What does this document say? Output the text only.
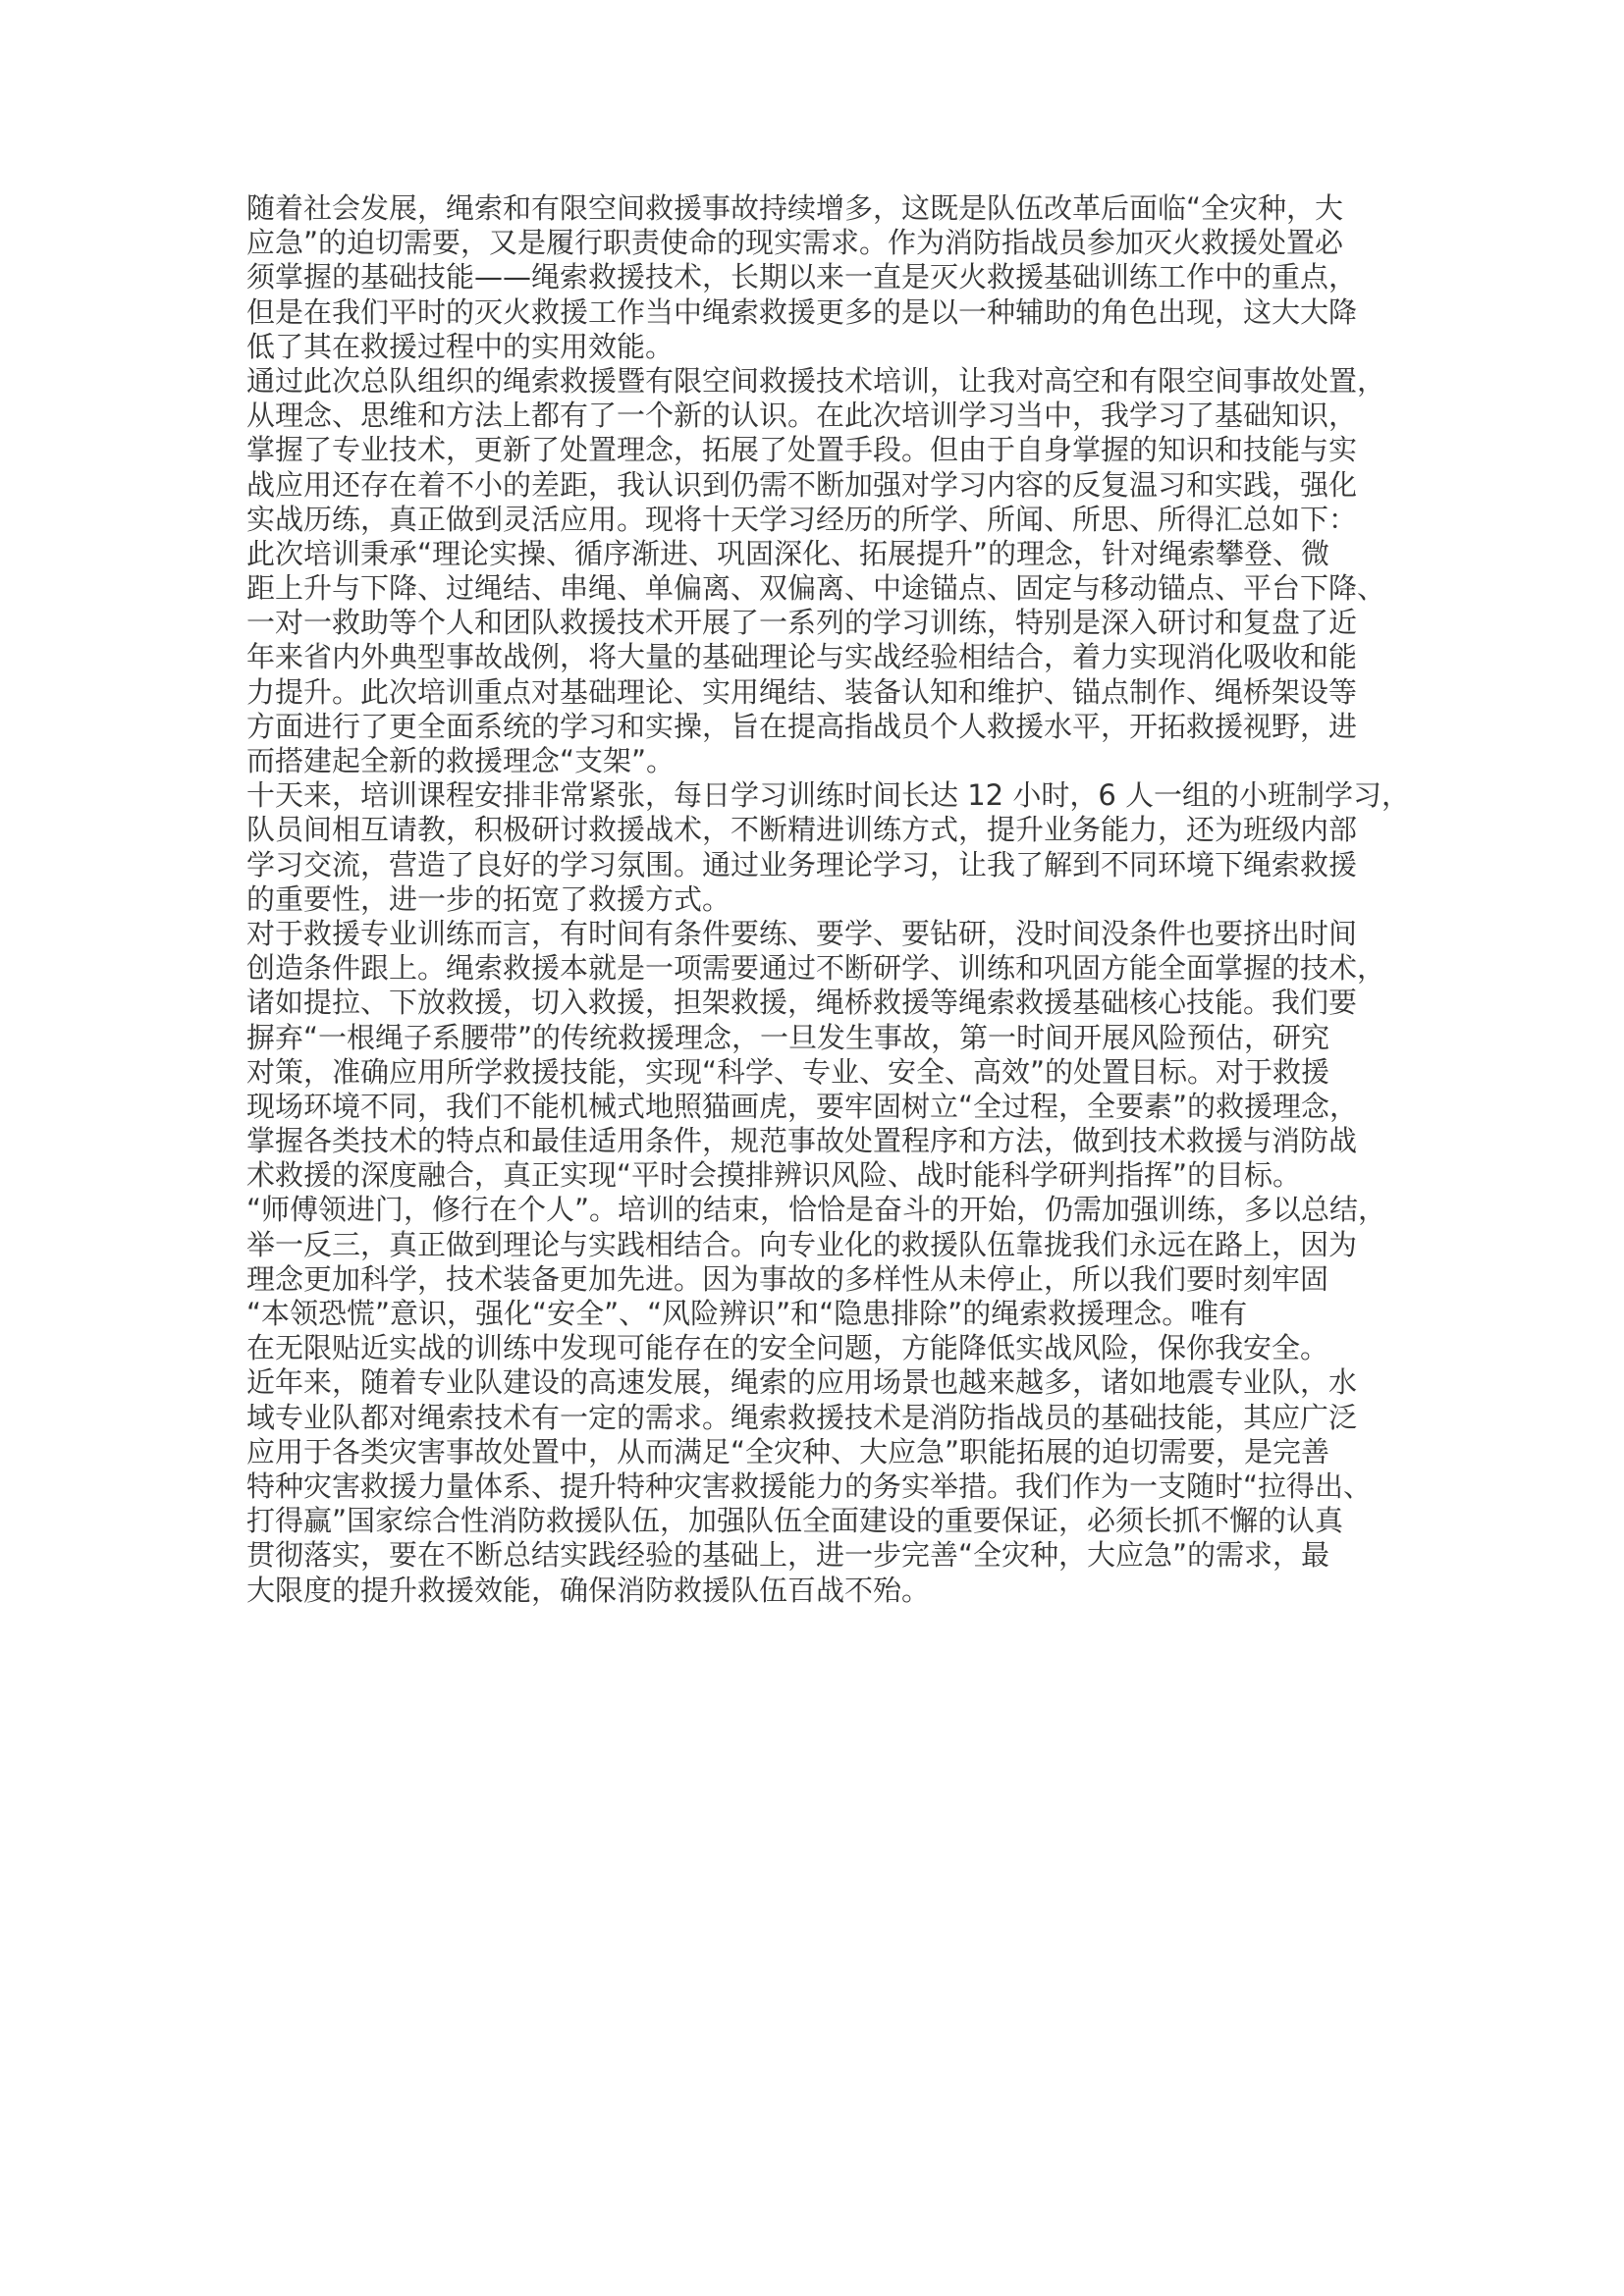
随着社会发展，绳索和有限空间救援事故持续增多，这既是队伍改革后面临“全灾种，大
应急”的迫切需要，又是履行职责使命的现实需求。作为消防指战员参加灭火救援处置必
须掌握的基础技能——绳索救援技术，长期以来一直是灭火救援基础训练工作中的重点，
但是在我们平时的灭火救援工作当中绳索救援更多的是以一种辅助的角色出现，这大大降
低了其在救援过程中的实用效能。
通过此次总队组织的绳索救援暨有限空间救援技术培训，让我对高空和有限空间事故处置，
从理念、思维和方法上都有了一个新的认识。在此次培训学习当中，我学习了基础知识，
掌握了专业技术，更新了处置理念，拓展了处置手段。但由于自身掌握的知识和技能与实
战应用还存在着不小的差距，我认识到仍需不断加强对学习内容的反复温习和实践，强化
实战历练，真正做到灵活应用。现将十天学习经历的所学、所闻、所思、所得汇总如下：
此次培训秉承“理论实操、循序渐进、巩固深化、拓展提升”的理念，针对绳索攀登、微
距上升与下降、过绳结、串绳、单偏离、双偏离、中途锚点、固定与移动锚点、平台下降、
一对一救助等个人和团队救援技术开展了一系列的学习训练，特别是深入研讨和复盘了近
年来省内外典型事故战例，将大量的基础理论与实战经验相结合，着力实现消化吸收和能
力提升。此次培训重点对基础理论、实用绳结、装备认知和维护、锚点制作、绳桥架设等
方面进行了更全面系统的学习和实操，旨在提高指战员个人救援水平，开拓救援视野，进
而搭建起全新的救援理念“支架”。
十天来，培训课程安排非常紧张，每日学习训练时间长达 12 小时，6 人一组的小班制学习，
队员间相互请教，积极研讨救援战术，不断精进训练方式，提升业务能力，还为班级内部
学习交流，营造了良好的学习氛围。通过业务理论学习，让我了解到不同环境下绳索救援
的重要性，进一步的拓宽了救援方式。
对于救援专业训练而言，有时间有条件要练、要学、要钻研，没时间没条件也要挤出时间
创造条件跟上。绳索救援本就是一项需要通过不断研学、训练和巩固方能全面掌握的技术，
诸如提拉、下放救援，切入救援，担架救援，绳桥救援等绳索救援基础核心技能。我们要
摒弃“一根绳子系腰带”的传统救援理念，一旦发生事故，第一时间开展风险预估，研究
对策，准确应用所学救援技能，实现“科学、专业、安全、高效”的处置目标。对于救援
现场环境不同，我们不能机械式地照猫画虎，要牢固树立“全过程，全要素”的救援理念，
掌握各类技术的特点和最佳适用条件，规范事故处置程序和方法，做到技术救援与消防战
术救援的深度融合，真正实现“平时会摸排辨识风险、战时能科学研判指挥”的目标。
“师傅领进门，修行在个人”。培训的结束，恰恰是奋斗的开始，仍需加强训练，多以总结，
举一反三，真正做到理论与实践相结合。向专业化的救援队伍靠拢我们永远在路上，因为
理念更加科学，技术装备更加先进。因为事故的多样性从未停止，所以我们要时刻牢固
“本领恐慌”意识，强化“安全”、“风险辨识”和“隐患排除”的绳索救援理念。唯有
在无限贴近实战的训练中发现可能存在的安全问题，方能降低实战风险，保你我安全。
近年来，随着专业队建设的高速发展，绳索的应用场景也越来越多，诸如地震专业队，水
域专业队都对绳索技术有一定的需求。绳索救援技术是消防指战员的基础技能，其应广泛
应用于各类灾害事故处置中，从而满足“全灾种、大应急”职能拓展的迫切需要，是完善
特种灾害救援力量体系、提升特种灾害救援能力的务实举措。我们作为一支随时“拉得出、
打得赢”国家综合性消防救援队伍，加强队伍全面建设的重要保证，必须长抓不懈的认真
贯彻落实，要在不断总结实践经验的基础上，进一步完善“全灾种，大应急”的需求，最
大限度的提升救援效能，确保消防救援队伍百战不殆。
